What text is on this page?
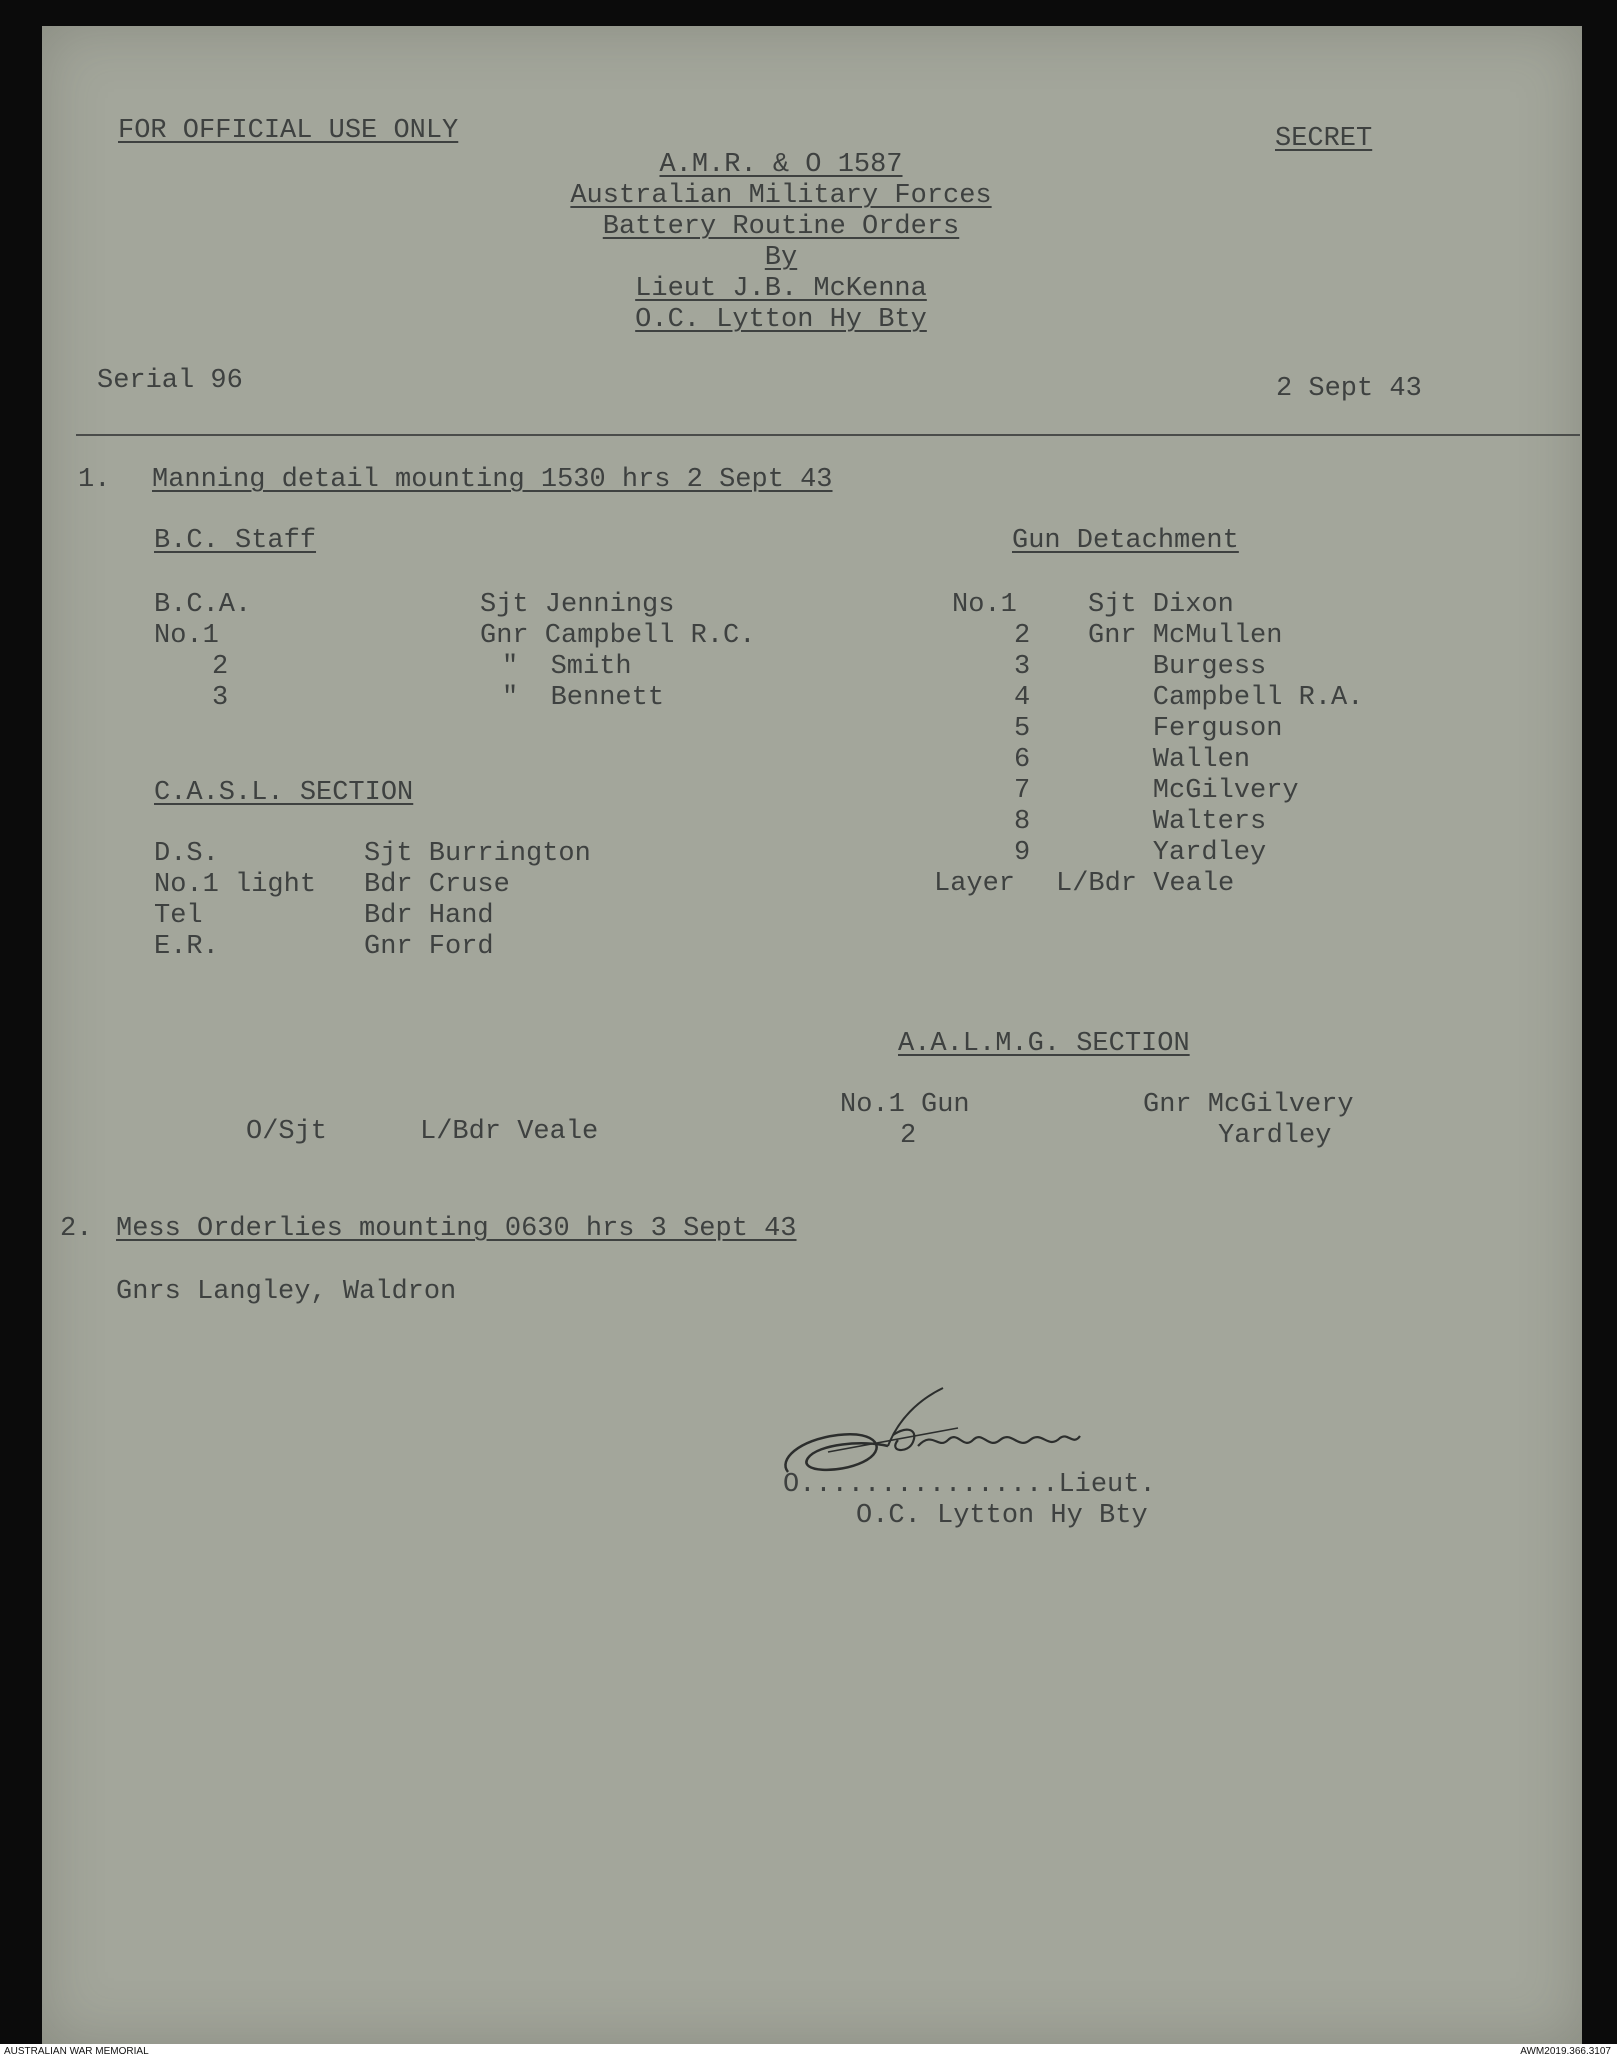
FOR OFFICIAL USE ONLY	SECRET
A.M.R. & O 1587
Australian Military Forces
Battery Routine Orders
By
Lieut J.B. McKenna
O.C. Lytton Hy Bty
Serial 96	2 Sept 43
1. Manning detail mounting 1530 hrs 2 Sept 43
B.C. Staff
B.C.A.	Sjt Jennings
No.1	Gnr Campbell R.C.
2	"  Smith
3	"  Bennett
C.A.S.L. SECTION
D.S.	Sjt Burrington
No.1 light Bdr Cruse
Tel	Bdr Hand
E.R.	Gnr Ford
Gun Detachment
No.1	Sjt Dixon
2 Gnr McMullen
3 Burgess
4 Campbell R.A.
5 Ferguson
6 Wallen
7 McGilvery
8 Walters
9 Yardley
Layer L/Bdr Veale
A.A.L.M.G. SECTION
No.1 Gun	Gnr McGilvery
2	Yardley
O/Sjt	L/Bdr Veale
2. Mess Orderlies mounting 0630 hrs 3 Sept 43
Gnrs Langley, Waldron
O................Lieut.
O.C. Lytton Hy Bty
AUSTRALIAN WAR MEMORIAL	AWM2019.366.3107
